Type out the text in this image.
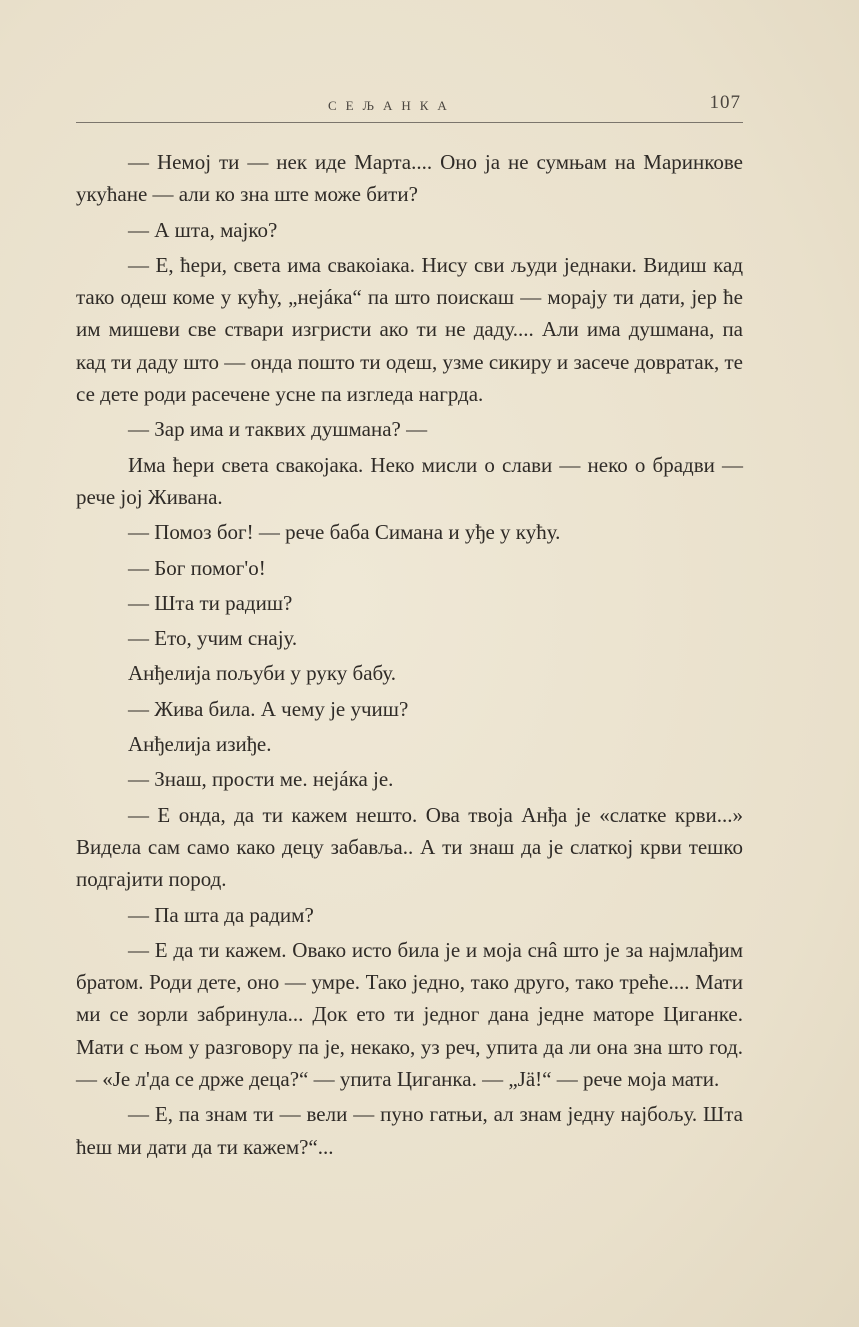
СЕЉАНКА	107

— Немој ти — нек иде Марта.... Оно ја не сумњам на Маринкове укућане — али ко зна ште може бити?

— А шта, мајко?

— Е, ћери, света има свакоіака. Нису сви људи једнаки. Видиш кад тако одеш коме у кућу, „нејáка“ па што поискаш — морају ти дати, јер ће им мишеви све ствари изгристи ако ти не даду.... Али има душмана, па кад ти даду што — онда пошто ти одеш, узме сикиру и засече довратак, те се дете роди расечене усне па изгледа нагрда.

— Зар има и таквих душмана? —

Има ћери света свакојака. Неко мисли о слави — неко о брадви — рече јој Живана.

— Помоз бог! — рече баба Симана и уђе у кућу.

— Бог помог'о!

— Шта ти радиш?

— Ето, учим снају.

Анђелија пољуби у руку бабу.

— Жива била. А чему је учиш?

Анђелија изиђе.

— Знаш, прости ме. нејáка је.

— Е онда, да ти кажем нешто. Ова твоја Анђа је «слатке крви...» Видела сам само како децу забавља.. А ти знаш да је слаткој крви тешко подгајити пород.

— Па шта да радим?

— Е да ти кажем. Овако исто била је и моја снâ што је за најмлађим братом. Роди дете, оно — умре. Тако једно, тако друго, тако треће.... Мати ми се зорли забринула... Док ето ти једног дана једне маторе Циганке. Мати с њом у разговору па је, некако, уз реч, упита да ли она зна што год. — «Је л'да се држе деца?“ — упита Циганка. — „Jä!“ — рече моја мати.

— Е, па знам ти — вели — пуно гатњи, ал знам једну најбољу. Шта ћеш ми дати да ти кажем?“...
